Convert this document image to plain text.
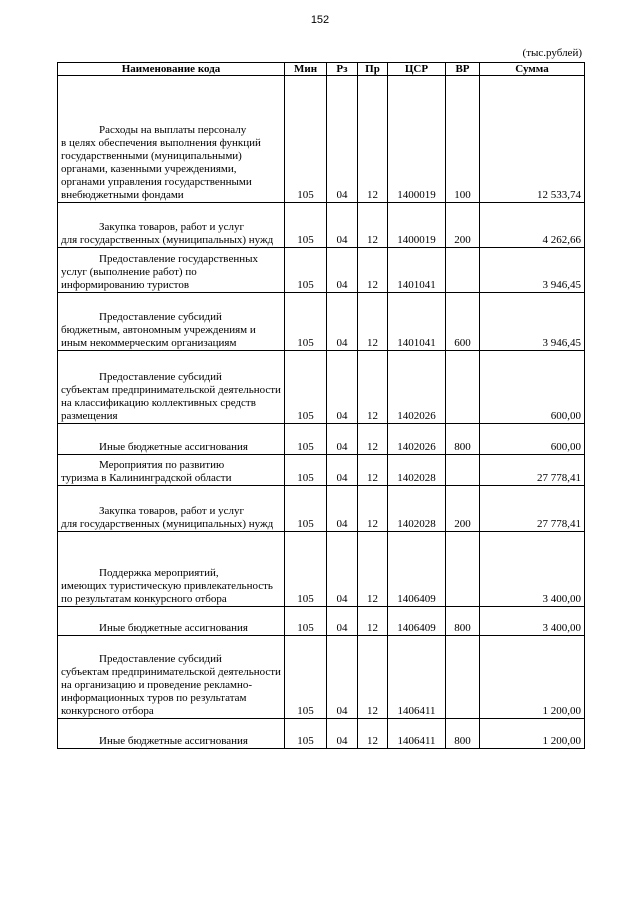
152
(тыс.рублей)
Наименование кода	Мин	Рз	Пр	ЦСР	ВР	Сумма

Расходы на выплаты персоналу
в целях обеспечения выполнения функций государственными (муниципальными) органами, казенными учреждениями, органами управления государственными внебюджетными фондами	105	04	12	1400019	100	12 533,74

Закупка товаров, работ и услуг
для государственных (муниципальных) нужд	105	04	12	1400019	200	4 262,66

Предоставление государственных
услуг (выполнение работ) по информированию туристов	105	04	12	1401041		3 946,45

Предоставление субсидий
бюджетным, автономным учреждениям и иным некоммерческим организациям	105	04	12	1401041	600	3 946,45

Предоставление субсидий
субъектам предпринимательской деятельности на классификацию коллективных средств размещения	105	04	12	1402026		600,00

Иные бюджетные ассигнования	105	04	12	1402026	800	600,00

Мероприятия по развитию
туризма в Калининградской области	105	04	12	1402028		27 778,41

Закупка товаров, работ и услуг
для государственных (муниципальных) нужд	105	04	12	1402028	200	27 778,41

Поддержка мероприятий,
имеющих туристическую привлекательность по результатам конкурсного отбора	105	04	12	1406409		3 400,00

Иные бюджетные ассигнования	105	04	12	1406409	800	3 400,00

Предоставление субсидий
субъектам предпринимательской деятельности на организацию и проведение рекламно-информационных туров по результатам конкурсного отбора	105	04	12	1406411		1 200,00

Иные бюджетные ассигнования	105	04	12	1406411	800	1 200,00
